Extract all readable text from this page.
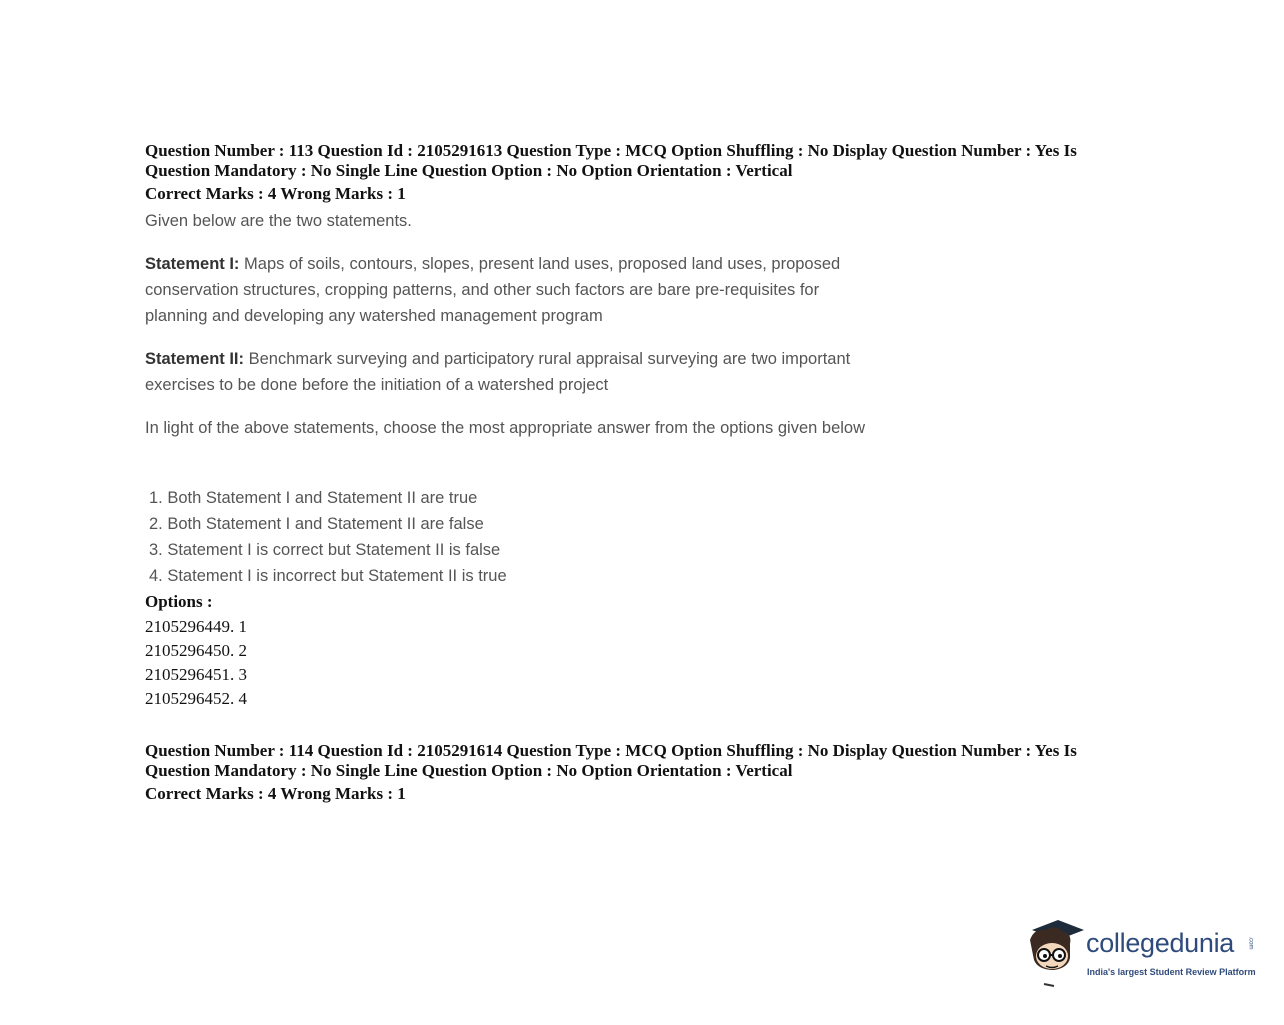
Question Number : 113 Question Id : 2105291613 Question Type : MCQ Option Shuffling : No Display Question Number : Yes Is
Question Mandatory : No Single Line Question Option : No Option Orientation : Vertical
Correct Marks : 4 Wrong Marks : 1

Given below are the two statements.

Statement I: Maps of soils, contours, slopes, present land uses, proposed land uses, proposed conservation structures, cropping patterns, and other such factors are bare pre-requisites for planning and developing any watershed management program

Statement II: Benchmark surveying and participatory rural appraisal surveying are two important exercises to be done before the initiation of a watershed project

In light of the above statements, choose the most appropriate answer from the options given below

1. Both Statement I and Statement II are true
2. Both Statement I and Statement II are false
3. Statement I is correct but Statement II is false
4. Statement I is incorrect but Statement II is true
Options :
2105296449. 1
2105296450. 2
2105296451. 3
2105296452. 4
Question Number : 114 Question Id : 2105291614 Question Type : MCQ Option Shuffling : No Display Question Number : Yes Is
Question Mandatory : No Single Line Question Option : No Option Orientation : Vertical
Correct Marks : 4 Wrong Marks : 1
collegedunia .com
India's largest Student Review Platform
